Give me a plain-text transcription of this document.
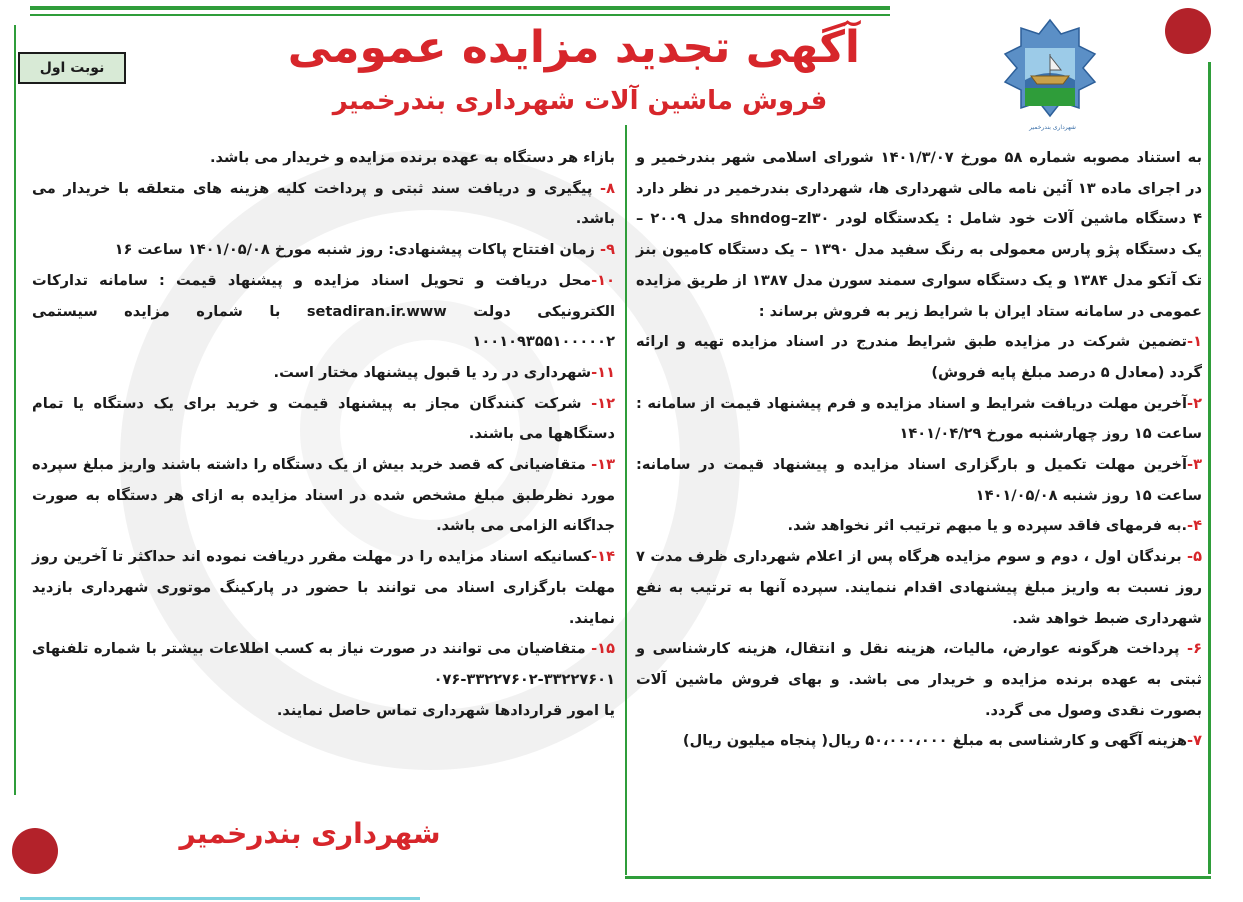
شهرداری بندرخمیر
نوبت اول	آگهی تجدید مزایده عمومی
فروش ماشین آلات شهرداری بندرخمیر

به استناد مصوبه شماره ۵۸ مورخ ۱۴۰۱/۳/۰۷ شورای اسلامی شهر بندرخمیر و در اجرای ماده ۱۳ آئین نامه مالی شهرداری ها، شهرداری بندرخمیر در نظر دارد ۴ دستگاه ماشین آلات خود شامل : یکدستگاه لودر shndog–zl۳۰ مدل ۲۰۰۹ – یک دستگاه پژو پارس معمولی به رنگ سفید مدل ۱۳۹۰ – یک دستگاه کامیون بنز تک آتکو مدل ۱۳۸۴ و یک دستگاه سواری سمند سورن مدل ۱۳۸۷ از طریق مزایده عمومی در سامانه ستاد ایران با شرایط زیر به فروش برساند :

۱-تضمین شرکت در مزایده طبق شرایط مندرج در اسناد مزایده تهیه و ارائه گردد (معادل ۵ درصد مبلغ پایه فروش)

۲-آخرین مهلت دریافت شرایط و اسناد مزایده و فرم پیشنهاد قیمت از سامانه : ساعت ۱۵ روز چهارشنبه مورخ ۱۴۰۱/۰۴/۲۹

۳-آخرین مهلت تکمیل و بارگزاری اسناد مزایده و پیشنهاد قیمت در سامانه: ساعت ۱۵ روز شنبه ۱۴۰۱/۰۵/۰۸

۴-.به فرمهای فاقد سپرده و یا مبهم ترتیب اثر نخواهد شد.

۵- برندگان اول ، دوم و سوم مزایده هرگاه پس از اعلام شهرداری ظرف مدت ۷ روز نسبت به واریز مبلغ پیشنهادی اقدام ننمایند. سپرده آنها به ترتیب به نفع شهرداری ضبط خواهد شد.

۶- پرداخت هرگونه عوارض، مالیات، هزینه نقل و انتقال، هزینه کارشناسی و ثبتی به عهده برنده مزایده و خریدار می باشد. و بهای فروش ماشین آلات بصورت نقدی وصول می گردد.

۷-هزینه آگهی و کارشناسی به مبلغ ۵۰،۰۰۰،۰۰۰ ریال( پنجاه میلیون ریال)

بازاء هر دستگاه به عهده برنده مزایده و خریدار می باشد.

۸- پیگیری و دریافت سند ثبتی و پرداخت کلیه هزینه های متعلقه با خریدار می باشد.

۹- زمان افتتاح پاکات پیشنهادی: روز شنبه مورخ ۱۴۰۱/۰۵/۰۸ ساعت ۱۶

۱۰-محل دریافت و تحویل اسناد مزایده و پیشنهاد قیمت : سامانه تدارکات الکترونیکی دولت setadiran.ir.www با شماره مزایده سیستمی ۱۰۰۱۰۹۳۵۵۱۰۰۰۰۰۲

۱۱-شهرداری در رد یا قبول پیشنهاد مختار است.

۱۲- شرکت کنندگان مجاز به پیشنهاد قیمت و خرید برای یک دستگاه یا تمام دستگاهها می باشند.

۱۳- متقاضیانی که قصد خرید بیش از یک دستگاه را داشته باشند واریز مبلغ سپرده مورد نظرطبق مبلغ مشخص شده در اسناد مزایده به ازای هر دستگاه به صورت جداگانه الزامی می باشد.

۱۴-کسانیکه اسناد مزایده را در مهلت مقرر دریافت نموده اند حداکثر تا آخرین روز مهلت بارگزاری اسناد می توانند با حضور در پارکینگ موتوری شهرداری بازدید نمایند.

۱۵- متقاضیان می توانند در صورت نیاز به کسب اطلاعات بیشتر با شماره تلفنهای ۳۳۲۲۷۶۰۱-۳۳۲۲۷۶۰۲-۰۷۶

یا امور قراردادها شهرداری تماس حاصل نمایند.

شهرداری بندرخمیر
